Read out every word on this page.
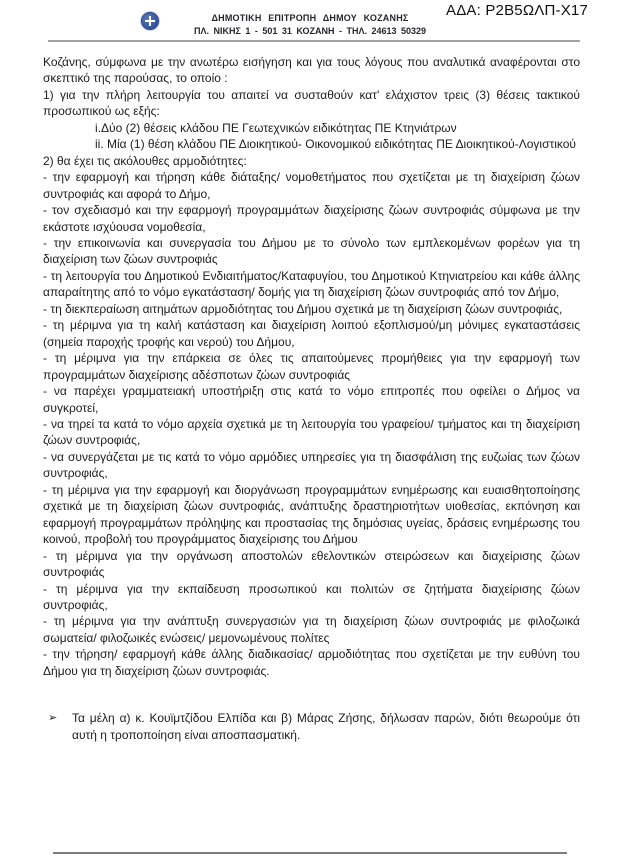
ΑΔΑ: Ρ2Β5ΩΛΠ-Χ17
ΔΗΜΟΤΙΚΗ ΕΠΙΤΡΟΠΗ ΔΗΜΟΥ ΚΟΖΑΝΗΣ
ΠΛ. ΝΙΚΗΣ 1 - 501 31 ΚΟΖΑΝΗ - ΤΗΛ. 24613 50329

Κοζάνης, σύμφωνα με την ανωτέρω εισήγηση και για τους λόγους που αναλυτικά αναφέρονται στο σκεπτικό της παρούσας, το οποίο :

1) για την πλήρη λειτουργία του απαιτεί να συσταθούν κατ' ελάχιστον τρεις (3) θέσεις τακτικού προσωπικού ως εξής:

i.Δύο (2) θέσεις κλάδου ΠΕ Γεωτεχνικών ειδικότητας ΠΕ Κτηνιάτρων

ii. Μία (1) θέση κλάδου ΠΕ Διοικητικού- Οικονομικού ειδικότητας ΠΕ Διοικητικού-Λογιστικού

2) θα έχει τις ακόλουθες αρμοδιότητες:

- την εφαρμογή και τήρηση κάθε διάταξης/ νομοθετήματος που σχετίζεται με τη διαχείριση ζώων συντροφιάς και αφορά το Δήμο,

- τον σχεδιασμό και την εφαρμογή προγραμμάτων διαχείρισης ζώων συντροφιάς σύμφωνα με την εκάστοτε ισχύουσα νομοθεσία,

- την επικοινωνία και συνεργασία του Δήμου με το σύνολο των εμπλεκομένων φορέων για τη διαχείριση των ζώων συντροφιάς

- τη λειτουργία του Δημοτικού Ενδιαιτήματος/Καταφυγίου, του Δημοτικού Κτηνιατρείου και κάθε άλλης απαραίτητης από το νόμο εγκατάσταση/ δομής για τη διαχείριση ζώων συντροφιάς από τον Δήμο,

- τη διεκπεραίωση αιτημάτων αρμοδιότητας του Δήμου σχετικά με τη διαχείριση ζώων συντροφιάς,

- τη μέριμνα για τη καλή κατάσταση και διαχείριση λοιπού εξοπλισμού/μη μόνιμες εγκαταστάσεις (σημεία παροχής τροφής και νερού) του Δήμου,

- τη μέριμνα για την επάρκεια σε όλες τις απαιτούμενες προμήθειες για την εφαρμογή των προγραμμάτων διαχείρισης αδέσποτων ζώων συντροφιάς

- να παρέχει γραμματειακή υποστήριξη στις κατά το νόμο επιτροπές που οφείλει ο Δήμος να συγκροτεί,

- να τηρεί τα κατά το νόμο αρχεία σχετικά με τη λειτουργία του γραφείου/ τμήματος και τη διαχείριση ζώων συντροφιάς,

- να συνεργάζεται με τις κατά το νόμο αρμόδιες υπηρεσίες για τη διασφάλιση της ευζωίας των ζώων συντροφιάς,

- τη μέριμνα για την εφαρμογή και διοργάνωση προγραμμάτων ενημέρωσης και ευαισθητοποίησης σχετικά με τη διαχείριση ζώων συντροφιάς, ανάπτυξης δραστηριοτήτων υιοθεσίας, εκπόνηση και εφαρμογή προγραμμάτων πρόληψης και προστασίας της δημόσιας υγείας, δράσεις ενημέρωσης του κοινού, προβολή του προγράμματος διαχείρισης του Δήμου

- τη μέριμνα για την οργάνωση αποστολών εθελοντικών στειρώσεων και διαχείρισης ζώων συντροφιάς

- τη μέριμνα για την εκπαίδευση προσωπικού και πολιτών σε ζητήματα διαχείρισης ζώων συντροφιάς,

- τη μέριμνα για την ανάπτυξη συνεργασιών για τη διαχείριση ζώων συντροφιάς με φιλοζωικά σωματεία/ φιλοζωικές ενώσεις/ μεμονωμένους πολίτες

- την τήρηση/ εφαρμογή κάθε άλλης διαδικασίας/ αρμοδιότητας που σχετίζεται με την ευθύνη του Δήμου για τη διαχείριση ζώων συντροφιάς.

➢	Τα μέλη α) κ. Κουϊμτζίδου Ελπίδα και β) Μάρας Ζήσης, δήλωσαν παρών, διότι θεωρούμε ότι αυτή η τροποποίηση είναι αποσπασματική.
